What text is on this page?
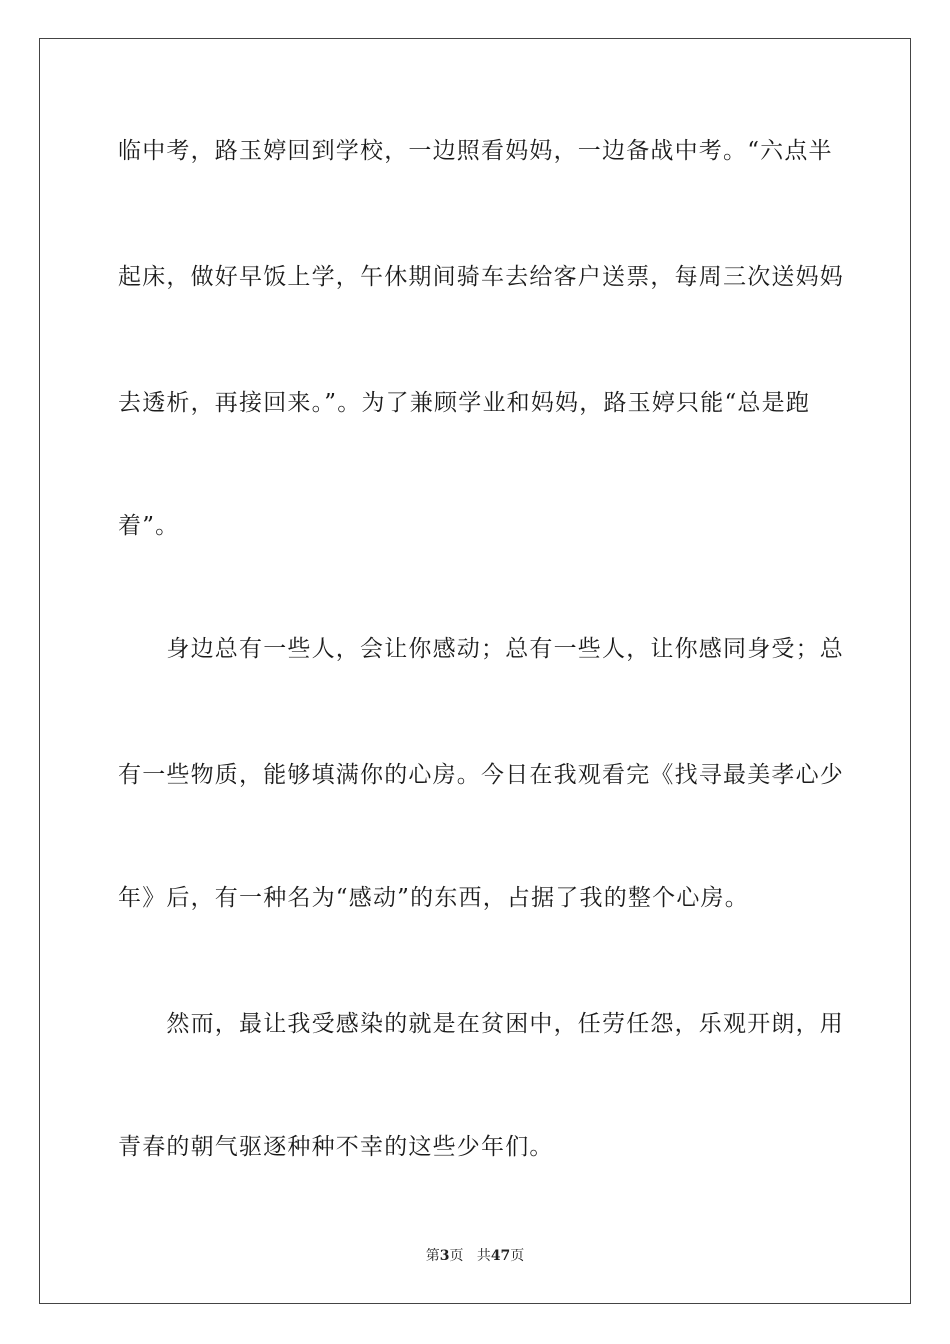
临中考，路玉婷回到学校，一边照看妈妈，一边备战中考。“六点半
起床，做好早饭上学，午休期间骑车去给客户送票，每周三次送妈妈
去透析，再接回来。”。为了兼顾学业和妈妈，路玉婷只能“总是跑
着”。
　　身边总有一些人，会让你感动；总有一些人，让你感同身受；总
有一些物质，能够填满你的心房。今日在我观看完《找寻最美孝心少
年》后，有一种名为“感动”的东西，占据了我的整个心房。
　　然而，最让我受感染的就是在贫困中，任劳任怨，乐观开朗，用
青春的朝气驱逐种种不幸的这些少年们。
第3页 共47页
